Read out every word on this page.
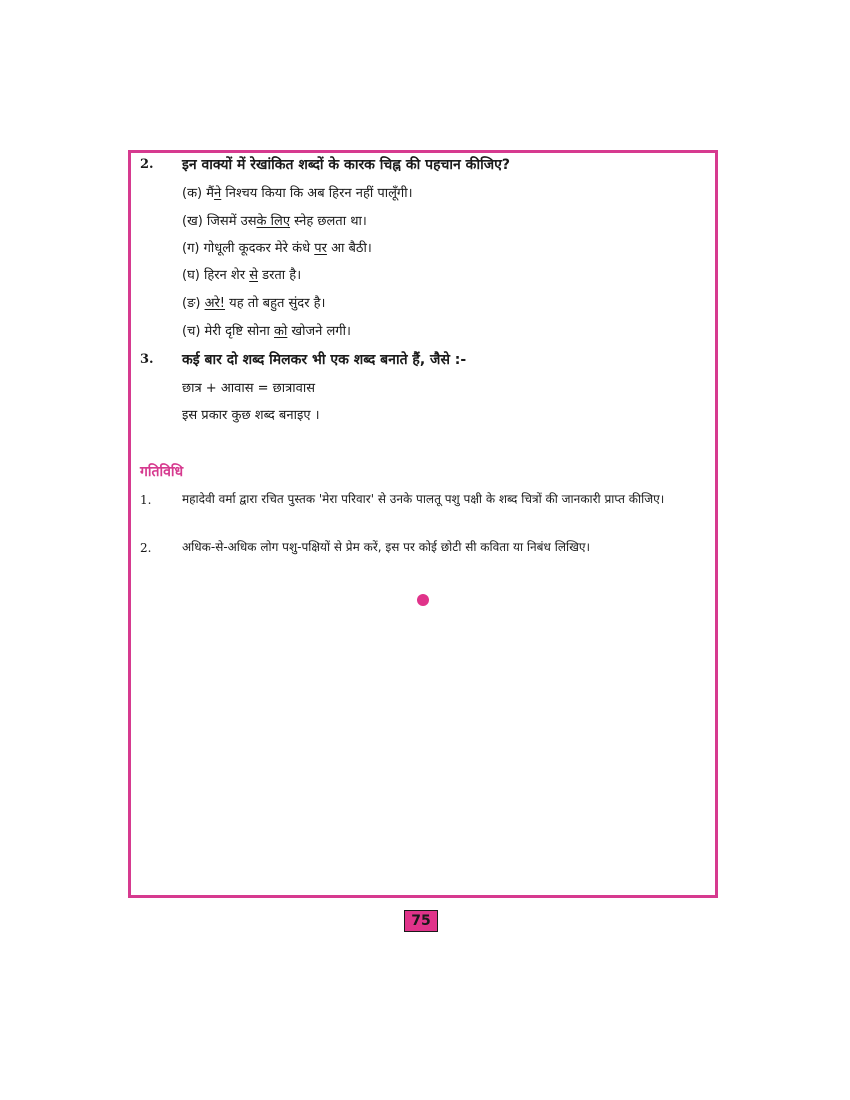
2. इन वाक्यों में रेखांकित शब्दों के कारक चिह्न की पहचान कीजिए?
(क) मैंने निश्चय किया कि अब हिरन नहीं पालूँगी।
(ख) जिसमें उसके लिए स्नेह छलता था।
(ग) गोधूली कूदकर मेरे कंधे पर आ बैठी।
(घ) हिरन शेर से डरता है।
(ङ) अरे! यह तो बहुत सुंदर है।
(च) मेरी दृष्टि सोना को खोजने लगी।
3. कई बार दो शब्द मिलकर भी एक शब्द बनाते हैं, जैसे :-
छात्र + आवास = छात्रावास
इस प्रकार कुछ शब्द बनाइए ।
गतिविधि
1.	महादेवी वर्मा द्वारा रचित पुस्तक 'मेरा परिवार' से उनके पालतू पशु पक्षी के शब्द चित्रों की जानकारी प्राप्त कीजिए।
2.	अधिक-से-अधिक लोग पशु-पक्षियों से प्रेम करें, इस पर कोई छोटी सी कविता या निबंध लिखिए।
75
